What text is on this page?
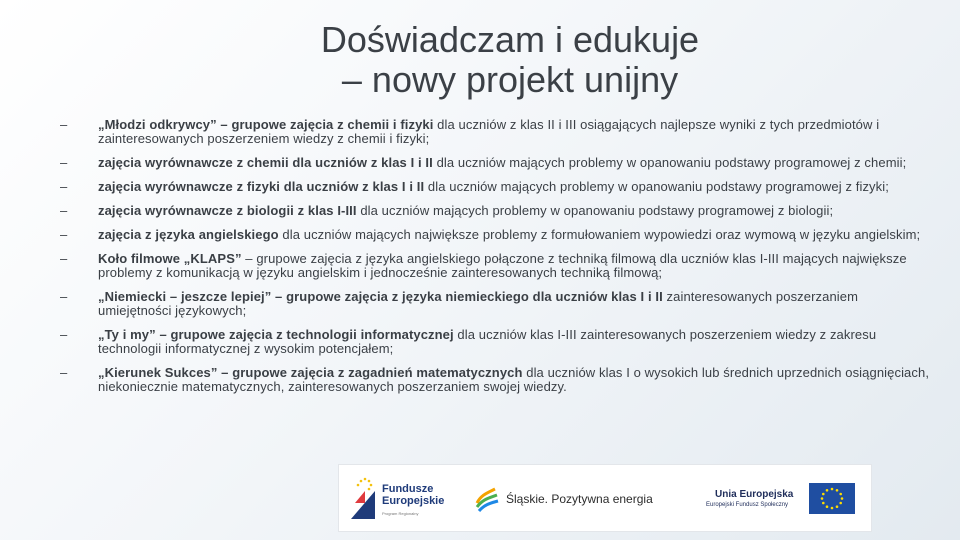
Doświadczam i edukuje
– nowy projekt unijny
–	„Młodzi odkrywcy” – grupowe zajęcia z chemii i fizyki dla uczniów z klas II i III osiągających najlepsze wyniki z tych przedmiotów i zainteresowanych poszerzeniem wiedzy z chemii i fizyki;
–	zajęcia wyrównawcze z chemii dla uczniów z klas I i II dla uczniów mających problemy w opanowaniu podstawy programowej z chemii;
–	zajęcia wyrównawcze z fizyki dla uczniów z klas I i II dla uczniów mających problemy w opanowaniu podstawy programowej z fizyki;
–	zajęcia wyrównawcze z biologii z klas I-III dla uczniów mających problemy w opanowaniu podstawy programowej z biologii;
–	zajęcia z języka angielskiego dla uczniów mających największe problemy z formułowaniem wypowiedzi oraz wymową w języku angielskim;
–	Koło filmowe „KLAPS” – grupowe zajęcia z języka angielskiego połączone z techniką filmową dla uczniów klas I-III mających największe problemy z komunikacją w języku angielskim i jednocześnie zainteresowanych techniką filmową;
–	„Niemiecki – jeszcze lepiej” – grupowe zajęcia z języka niemieckiego dla uczniów klas I i II zainteresowanych poszerzaniem umiejętności językowych;
–	„Ty i my” – grupowe zajęcia z technologii informatycznej dla uczniów klas I-III zainteresowanych poszerzeniem wiedzy z zakresu technologii informatycznej z wysokim potencjałem;
–	„Kierunek Sukces” – grupowe zajęcia z zagadnień matematycznych dla uczniów klas I o wysokich lub średnich uprzednich osiągnięciach, niekoniecznie matematycznych, zainteresowanych poszerzaniem swojej wiedzy.
Fundusze
Europejskie
Program Regionalny
Śląskie. Pozytywna energia	Unia Europejska
Europejski Fundusz Społeczny
